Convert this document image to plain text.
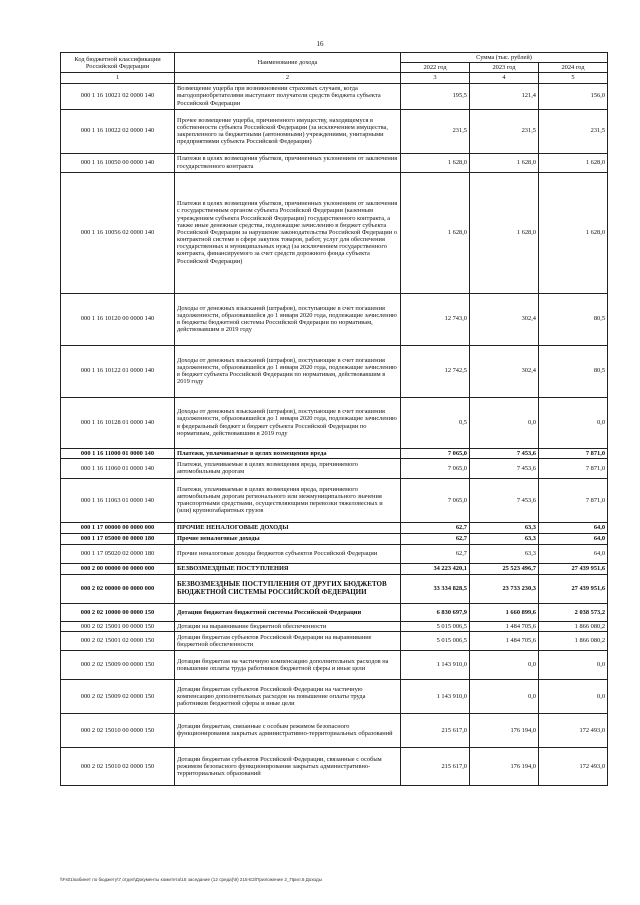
16
Код бюджетной классификации Российской Федерации	Наименование дохода	Сумма (тыс. рублей)		
		2022 год	2023 год	2024 год
1	2	3	4	5
000 1 16 10021 02 0000 140	Возмещение ущерба при возникновении страховых случаев, когда выгодоприобретателями выступают получатели средств бюджета субъекта Российской Федерации	195,5	121,4	156,0
000 1 16 10022 02 0000 140	Прочее возмещение ущерба, причиненного имуществу, находящемуся в собственности субъекта Российской Федерации (за исключением имущества, закрепленного за бюджетными (автономными) учреждениями, унитарными предприятиями субъекта Российской Федерации)	231,5	231,5	231,5
000 1 16 10050 00 0000 140	Платежи в целях возмещения убытков, причиненных уклонением от заключения государственного контракта	1 628,0	1 628,0	1 628,0
000 1 16 10056 02 0000 140	Платежи в целях возмещения убытков, причиненных уклонением от заключения с государственным органом субъекта Российской Федерации (казенным учреждением субъекта Российской Федерации) государственного контракта, а также иные денежные средства, подлежащие зачислению в бюджет субъекта Российской Федерации за нарушение законодательства Российской Федерации о контрактной системе в сфере закупок товаров, работ, услуг для обеспечения государственных и муниципальных нужд (за исключением государственного контракта, финансируемого за счет средств дорожного фонда субъекта Российской Федерации)	1 628,0	1 628,0	1 628,0
000 1 16 10120 00 0000 140	Доходы от денежных взысканий (штрафов), поступающие в счет погашения задолженности, образовавшейся до 1 января 2020 года, подлежащие зачислению в бюджеты бюджетной системы Российской Федерации по нормативам, действовавшим в 2019 году	12 743,0	302,4	80,5
000 1 16 10122 01 0000 140	Доходы от денежных взысканий (штрафов), поступающие в счет погашения задолженности, образовавшейся до 1 января 2020 года, подлежащие зачислению в бюджет субъекта Российской Федерации по нормативам, действовавшим в 2019 году	12 742,5	302,4	80,5
000 1 16 10128 01 0000 140	Доходы от денежных взысканий (штрафов), поступающие в счет погашения задолженности, образовавшейся до 1 января 2020 года, подлежащие зачислению в федеральный бюджет и бюджет субъекта Российской Федерации по нормативам, действовавшим в 2019 году	0,5	0,0	0,0
000 1 16 11000 01 0000 140	Платежи, уплачиваемые в целях возмещения вреда	7 065,0	7 453,6	7 871,0
000 1 16 11060 01 0000 140	Платежи, уплачиваемые в целях возмещения вреда, причиняемого автомобильным дорогам	7 065,0	7 453,6	7 871,0
000 1 16 11063 01 0000 140	Платежи, уплачиваемые в целях возмещения вреда, причиняемого автомобильным дорогам регионального или межмуниципального значения транспортными средствами, осуществляющими перевозки тяжеловесных и (или) крупногабаритных грузов	7 065,0	7 453,6	7 871,0
000 1 17 00000 00 0000 000	ПРОЧИЕ НЕНАЛОГОВЫЕ ДОХОДЫ	62,7	63,3	64,0
000 1 17 05000 00 0000 180	Прочие неналоговые доходы	62,7	63,3	64,0
000 1 17 05020 02 0000 180	Прочие неналоговые доходы бюджетов субъектов Российской Федерации	62,7	63,3	64,0
000 2 00 00000 00 0000 000	БЕЗВОЗМЕЗДНЫЕ ПОСТУПЛЕНИЯ	34 223 420,1	25 523 496,7	27 439 951,6
000 2 02 00000 00 0000 000	БЕЗВОЗМЕЗДНЫЕ ПОСТУПЛЕНИЯ ОТ ДРУГИХ БЮДЖЕТОВ БЮДЖЕТНОЙ СИСТЕМЫ РОССИЙСКОЙ ФЕДЕРАЦИИ	33 334 828,5	23 733 230,3	27 439 951,6
000 2 02 10000 00 0000 150	Дотации бюджетам бюджетной системы Российской Федерации	6 830 697,9	1 660 899,6	2 038 573,2
000 2 02 15001 00 0000 150	Дотации на выравнивание бюджетной обеспеченности	5 015 006,5	1 484 705,6	1 866 080,2
000 2 02 15001 02 0000 150	Дотации бюджетам субъектов Российской Федерации на выравнивание бюджетной обеспеченности	5 015 006,5	1 484 705,6	1 866 080,2
000 2 02 15009 00 0000 150	Дотации бюджетам на частичную компенсацию дополнительных расходов на повышение оплаты труда работников бюджетной сферы и иные цели	1 143 910,0	0,0	0,0
000 2 02 15009 02 0000 150	Дотации бюджетам субъектов Российской Федерации на частичную компенсацию дополнительных расходов на повышение оплаты труда работников бюджетной сферы и иные цели	1 143 910,0	0,0	0,0
000 2 02 15010 00 0000 150	Дотации бюджетам, связанные с особым режимом безопасного функционирования закрытых административно-территориальных образований	215 617,0	176 194,0	172 493,0
000 2 02 15010 02 0000 150	Дотации бюджетам субъектов Российской Федерации, связанные с особым режимом безопасного функционирования закрытых административно-территориальных образований	215 617,0	176 194,0	172 493,0
\\Fs01\кабинет по бюджету\7 отдел\Документы комитета\15 заседание (12 среда)\9) 215-ЕЗ\Приложение 2_Прил.5 Доходы
